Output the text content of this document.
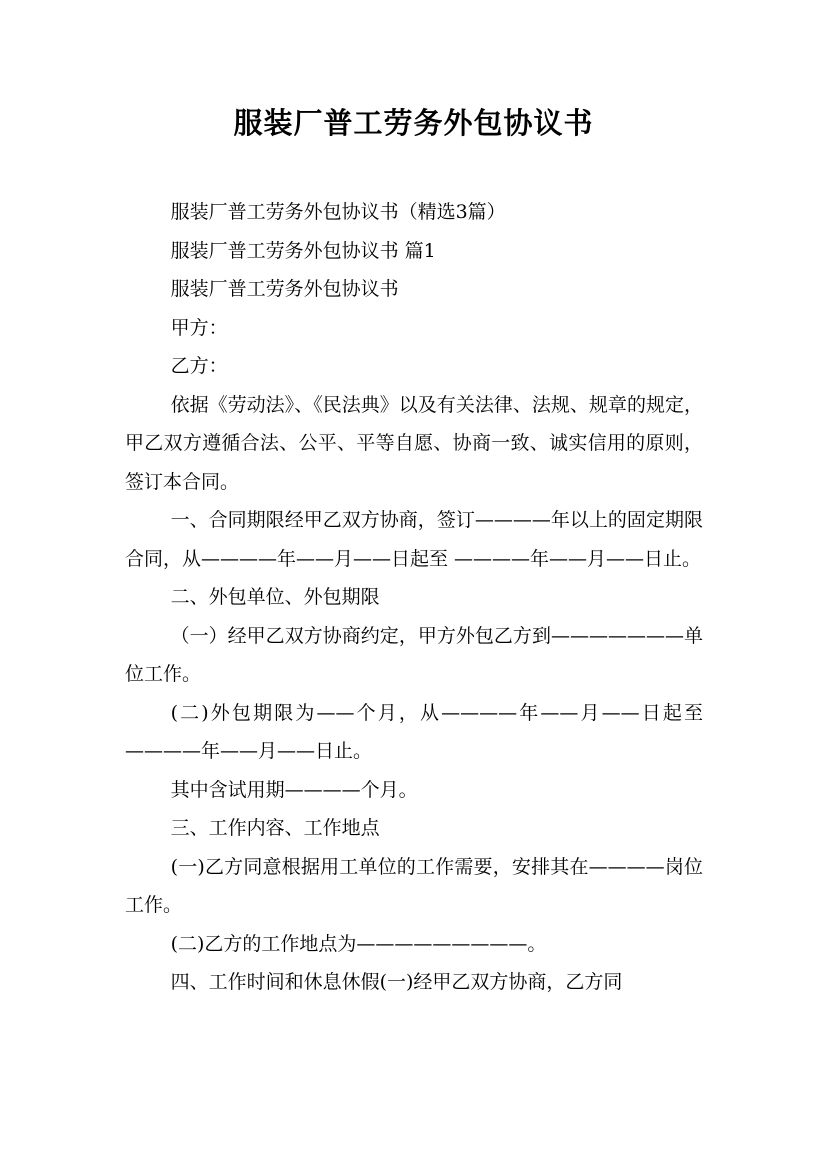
服装厂普工劳务外包协议书

服装厂普工劳务外包协议书（精选3篇）

服装厂普工劳务外包协议书 篇1

服装厂普工劳务外包协议书

甲方：

乙方：

依据《劳动法》、《民法典》以及有关法律、法规、规章的规定，甲乙双方遵循合法、公平、平等自愿、协商一致、诚实信用的原则，签订本合同。

一、合同期限经甲乙双方协商，签订————年以上的固定期限合同，从————年——月——日起至 ————年——月——日止。

二、外包单位、外包期限

（一）经甲乙双方协商约定，甲方外包乙方到———————单位工作。

(二)外包期限为——个月，从————年——月——日起至 ————年——月——日止。

其中含试用期————个月。

三、工作内容、工作地点

(一)乙方同意根据用工单位的工作需要，安排其在————岗位工作。

(二)乙方的工作地点为—————————。

四、工作时间和休息休假(一)经甲乙双方协商，乙方同
